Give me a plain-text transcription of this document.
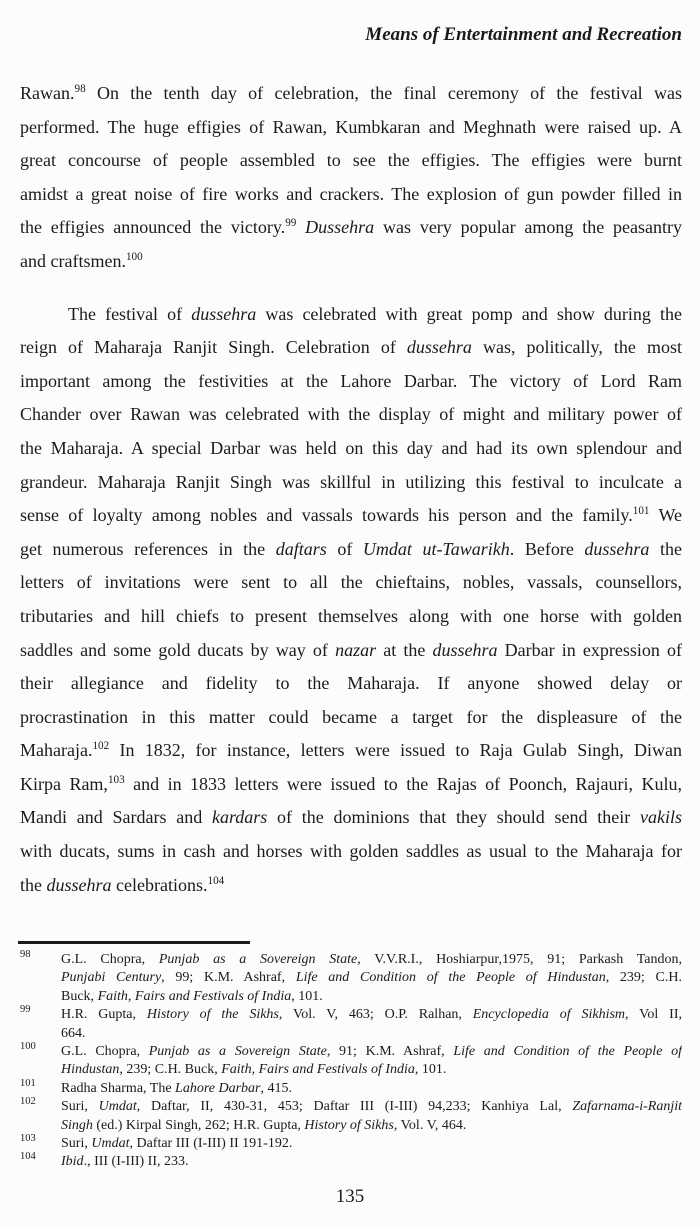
Means of Entertainment and Recreation
Rawan.$^{98}$ On the tenth day of celebration, the final ceremony of the festival was
performed. The huge effigies of Rawan, Kumbkaran and Meghnath were raised up. A
great concourse of people assembled to see the effigies. The effigies were burnt
amidst a great noise of fire works and crackers. The explosion of gun powder filled in
the effigies announced the victory.$^{99}$ Dussehra was very popular among the peasantry
and craftsmen.$^{100}$
The festival of dussehra was celebrated with great pomp and show during the
reign of Maharaja Ranjit Singh. Celebration of dussehra was, politically, the most
important among the festivities at the Lahore Darbar. The victory of Lord Ram
Chander over Rawan was celebrated with the display of might and military power of
the Maharaja. A special Darbar was held on this day and had its own splendour and
grandeur. Maharaja Ranjit Singh was skillful in utilizing this festival to inculcate a
sense of loyalty among nobles and vassals towards his person and the family.$^{101}$ We
get numerous references in the daftars of Umdat ut-Tawarikh. Before dussehra the
letters of invitations were sent to all the chieftains, nobles, vassals, counsellors,
tributaries and hill chiefs to present themselves along with one horse with golden
saddles and some gold ducats by way of nazar at the dussehra Darbar in expression of
their allegiance and fidelity to the Maharaja. If anyone showed delay or
procrastination in this matter could became a target for the displeasure of the
Maharaja.$^{102}$ In 1832, for instance, letters were issued to Raja Gulab Singh, Diwan
Kirpa Ram,$^{103}$ and in 1833 letters were issued to the Rajas of Poonch, Rajauri, Kulu,
Mandi and Sardars and kardars of the dominions that they should send their vakils
with ducats, sums in cash and horses with golden saddles as usual to the Maharaja for
the dussehra celebrations.$^{104}$
98 G.L. Chopra, Punjab as a Sovereign State, V.V.R.I., Hoshiarpur,1975, 91; Parkash Tandon,
Punjabi Century, 99; K.M. Ashraf, Life and Condition of the People of Hindustan, 239; C.H.
Buck, Faith, Fairs and Festivals of India, 101.
99 H.R. Gupta, History of the Sikhs, Vol. V, 463; O.P. Ralhan, Encyclopedia of Sikhism, Vol II,
664.
100 G.L. Chopra, Punjab as a Sovereign State, 91; K.M. Ashraf, Life and Condition of the People of
Hindustan, 239; C.H. Buck, Faith, Fairs and Festivals of India, 101.
101 Radha Sharma, The Lahore Darbar, 415.
102 Suri, Umdat, Daftar, II, 430-31, 453; Daftar III (I-III) 94,233; Kanhiya Lal, Zafarnama-i-Ranjit
Singh (ed.) Kirpal Singh, 262; H.R. Gupta, History of Sikhs, Vol. V, 464.
103 Suri, Umdat, Daftar III (I-III) II 191-192.
104 Ibid., III (I-III) II, 233.
135
